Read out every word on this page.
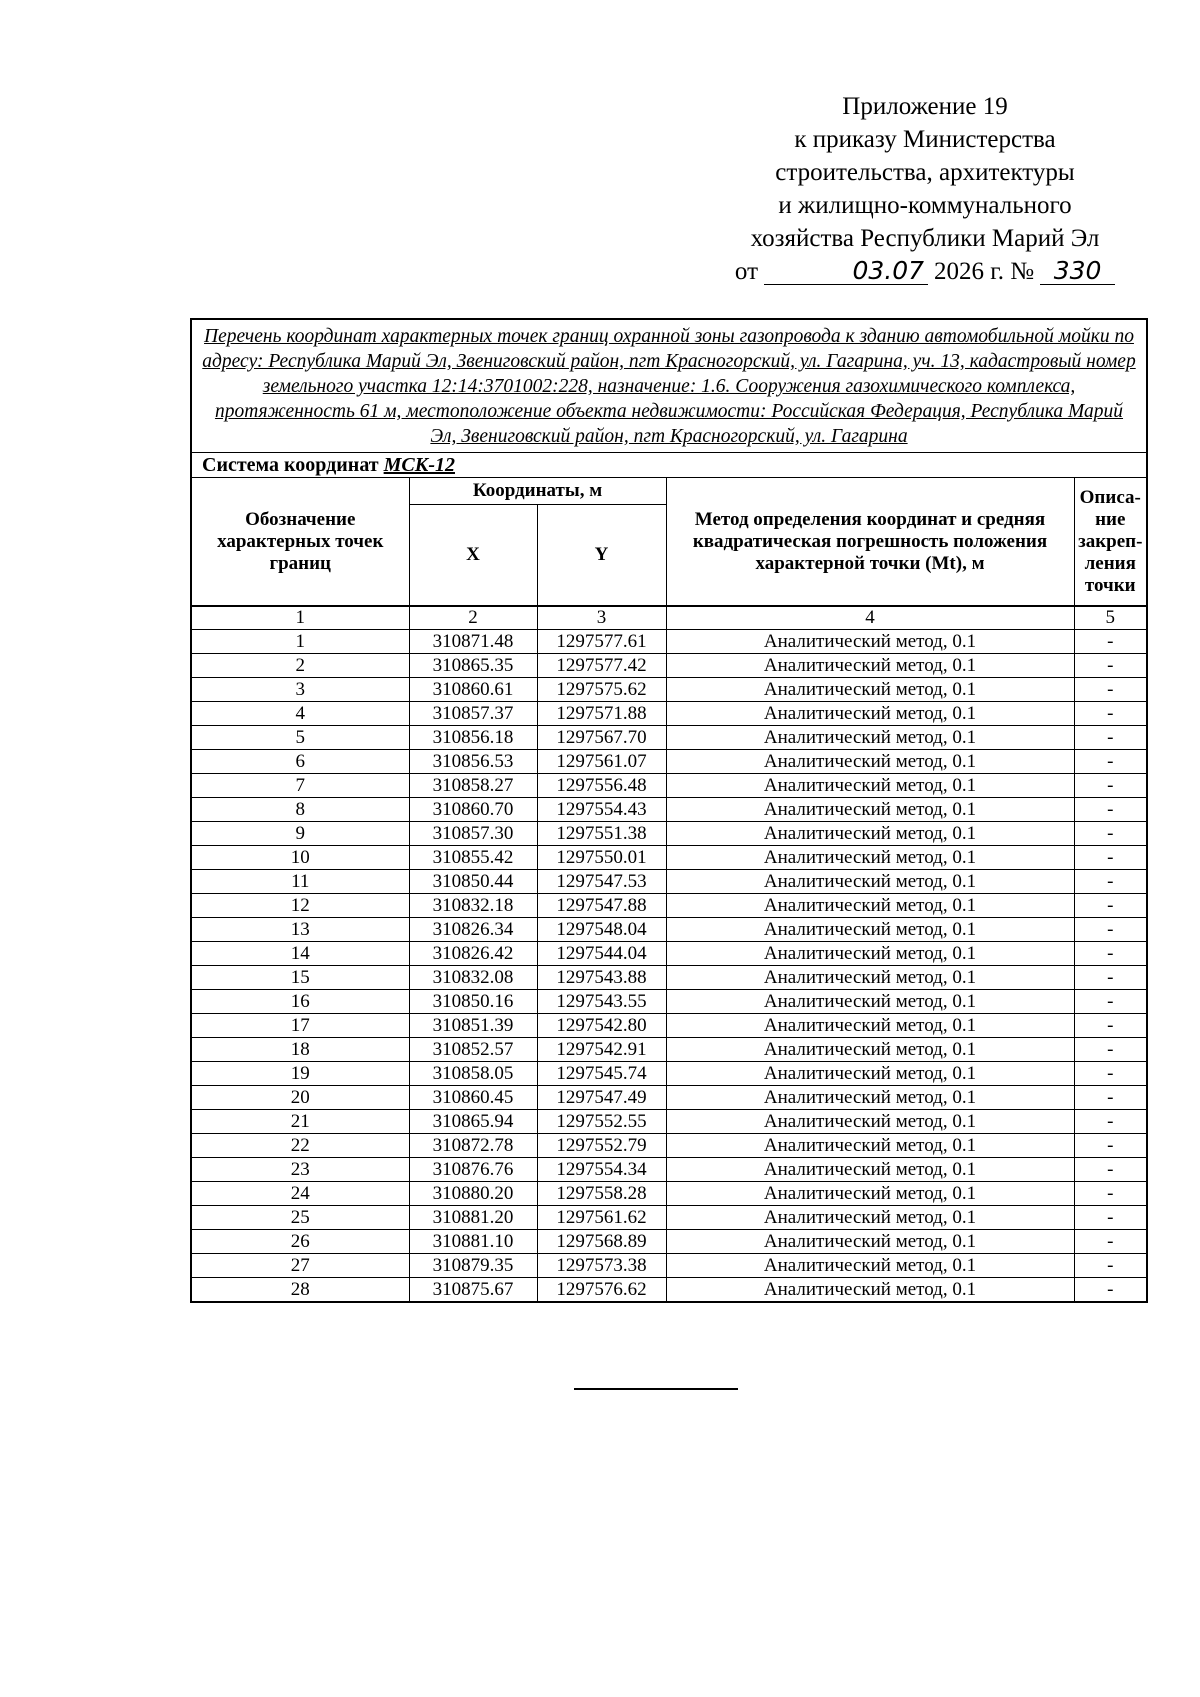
Приложение 19
к приказу Министерства
строительства, архитектуры
и жилищно-коммунального
хозяйства Республики Марий Эл
от	03.07 2026 г. № 330
Перечень координат характерных точек границ охранной зоны газопровода к зданию автомобильной мойки по адресу: Республика Марий Эл, Звениговский район, пгт Красногорский, ул. Гагарина, уч. 13, кадастровый номер земельного участка 12:14:3701002:228, назначение: 1.6. Сооружения газохимического комплекса, протяженность 61 м, местоположение объекта недвижимости: Российская Федерация, Республика Марий Эл, Звениговский район, пгт Красногорский, ул. Гагарина
Система координат МСК-12
Обозначение характерных точек границ	Координаты, м		Метод определения координат и средняя квадратическая погрешность положения характерной точки (Mt), м	Описа-ние закреп-ления точки
	X	Y		
1	2	3	4	5
1	310871.48	1297577.61	Аналитический метод, 0.1	-
2	310865.35	1297577.42	Аналитический метод, 0.1	-
3	310860.61	1297575.62	Аналитический метод, 0.1	-
4	310857.37	1297571.88	Аналитический метод, 0.1	-
5	310856.18	1297567.70	Аналитический метод, 0.1	-
6	310856.53	1297561.07	Аналитический метод, 0.1	-
7	310858.27	1297556.48	Аналитический метод, 0.1	-
8	310860.70	1297554.43	Аналитический метод, 0.1	-
9	310857.30	1297551.38	Аналитический метод, 0.1	-
10	310855.42	1297550.01	Аналитический метод, 0.1	-
11	310850.44	1297547.53	Аналитический метод, 0.1	-
12	310832.18	1297547.88	Аналитический метод, 0.1	-
13	310826.34	1297548.04	Аналитический метод, 0.1	-
14	310826.42	1297544.04	Аналитический метод, 0.1	-
15	310832.08	1297543.88	Аналитический метод, 0.1	-
16	310850.16	1297543.55	Аналитический метод, 0.1	-
17	310851.39	1297542.80	Аналитический метод, 0.1	-
18	310852.57	1297542.91	Аналитический метод, 0.1	-
19	310858.05	1297545.74	Аналитический метод, 0.1	-
20	310860.45	1297547.49	Аналитический метод, 0.1	-
21	310865.94	1297552.55	Аналитический метод, 0.1	-
22	310872.78	1297552.79	Аналитический метод, 0.1	-
23	310876.76	1297554.34	Аналитический метод, 0.1	-
24	310880.20	1297558.28	Аналитический метод, 0.1	-
25	310881.20	1297561.62	Аналитический метод, 0.1	-
26	310881.10	1297568.89	Аналитический метод, 0.1	-
27	310879.35	1297573.38	Аналитический метод, 0.1	-
28	310875.67	1297576.62	Аналитический метод, 0.1	-
